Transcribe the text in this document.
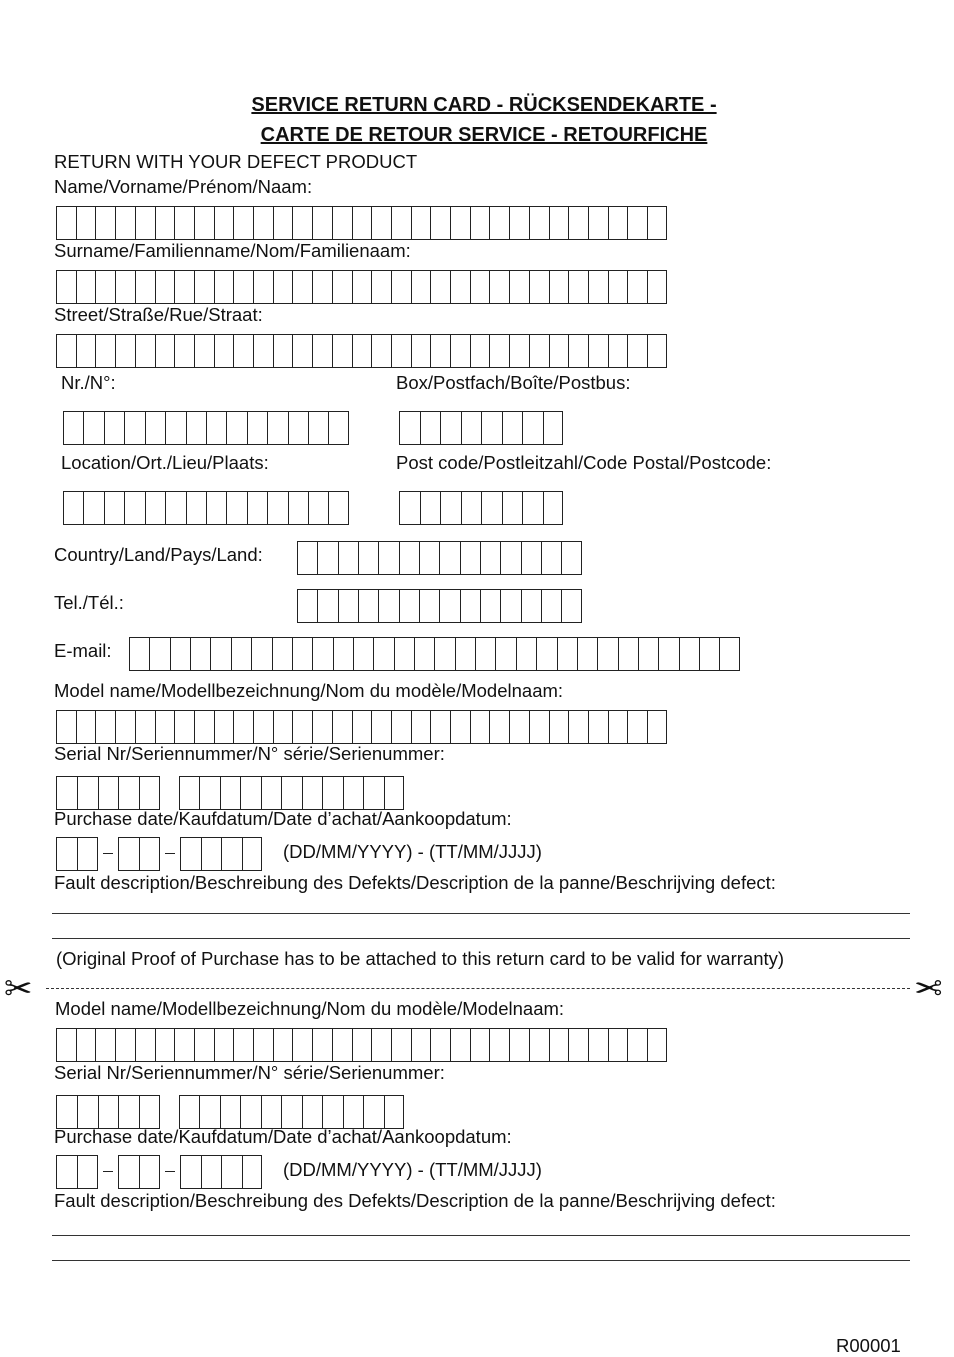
SERVICE RETURN CARD - RÜCKSENDEKARTE -
CARTE DE RETOUR SERVICE - RETOURFICHE
RETURN WITH YOUR DEFECT PRODUCT
Name/Vorname/Prénom/Naam:
Surname/Familienname/Nom/Familienaam:
Street/Straße/Rue/Straat:
Nr./N°:	Box/Postfach/Boîte/Postbus:
Location/Ort./Lieu/Plaats:	Post code/Postleitzahl/Code Postal/Postcode:
Country/Land/Pays/Land:
Tel./Tél.:
E-mail:
Model name/Modellbezeichnung/Nom du modèle/Modelnaam:
Serial Nr/Seriennummer/N° série/Serienummer:
Purchase date/Kaufdatum/Date d’achat/Aankoopdatum:
(DD/MM/YYYY) - (TT/MM/JJJJ)
Fault description/Beschreibung des Defekts/Description de la panne/Beschrijving defect:
(Original Proof of Purchase has to be attached to this return card to be valid for warranty)
✂	✂
Model name/Modellbezeichnung/Nom du modèle/Modelnaam:
Serial Nr/Seriennummer/N° série/Serienummer:
Purchase date/Kaufdatum/Date d’achat/Aankoopdatum:
(DD/MM/YYYY) - (TT/MM/JJJJ)
Fault description/Beschreibung des Defekts/Description de la panne/Beschrijving defect:
R00001
